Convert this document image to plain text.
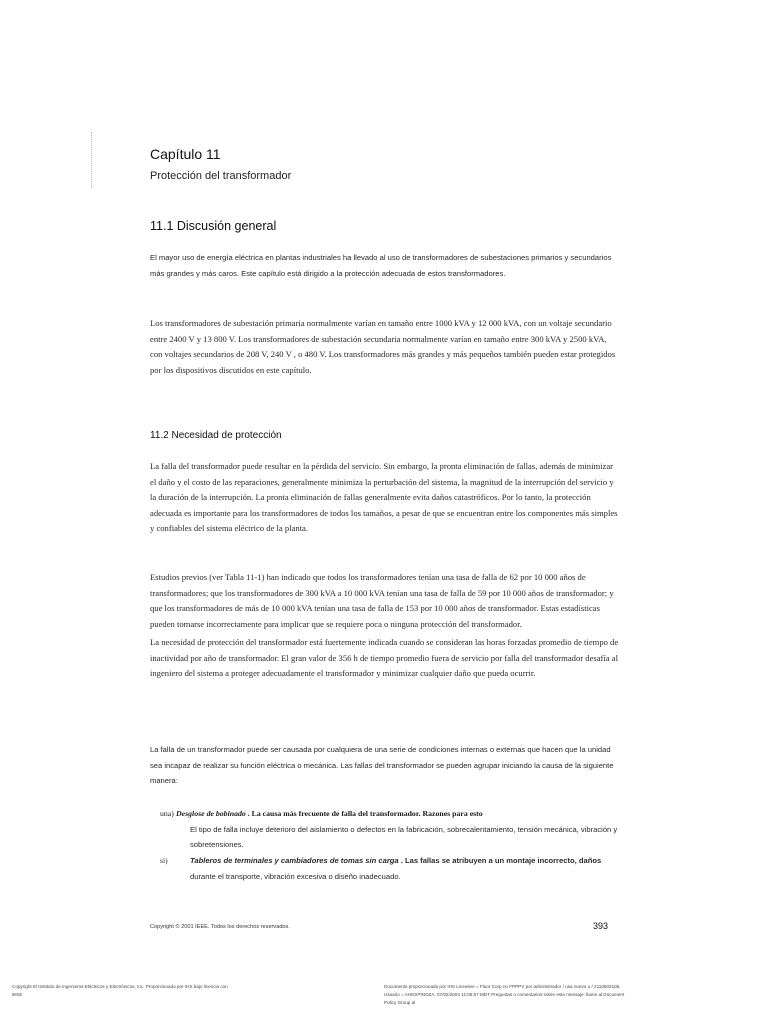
Capítulo 11
Protección del transformador
11.1 Discusión general
El mayor uso de energía eléctrica en plantas industriales ha llevado al uso de transformadores de subestaciones primarios y secundarios más grandes y más caros. Este capítulo está dirigido a la protección adecuada de estos transformadores.
Los transformadores de subestación primaria normalmente varían en tamaño entre 1000 kVA y 12 000 kVA, con un voltaje secundario entre 2400 V y 13 800 V. Los transformadores de subestación secundaria normalmente varían en tamaño entre 300 kVA y 2500 kVA, con voltajes secundarios de 208 V, 240 V , o 480 V. Los transformadores más grandes y más pequeños también pueden estar protegidos por los dispositivos discutidos en este capítulo.
11.2 Necesidad de protección
La falla del transformador puede resultar en la pérdida del servicio. Sin embargo, la pronta eliminación de fallas, además de minimizar el daño y el costo de las reparaciones, generalmente minimiza la perturbación del sistema, la magnitud de la interrupción del servicio y la duración de la interrupción. La pronta eliminación de fallas generalmente evita daños catastróficos. Por lo tanto, la protección adecuada es importante para los transformadores de todos los tamaños, a pesar de que se encuentran entre los componentes más simples y confiables del sistema eléctrico de la planta.
Estudios previos (ver Tabla 11-1) han indicado que todos los transformadores tenían una tasa de falla de 62 por 10 000 años de transformadores; que los transformadores de 300 kVA a 10 000 kVA tenían una tasa de falla de 59 por 10 000 años de transformador; y que los transformadores de más de 10 000 kVA tenían una tasa de falla de 153 por 10 000 años de transformador. Estas estadísticas pueden tomarse incorrectamente para implicar que se requiere poca o ninguna protección del transformador.
La necesidad de protección del transformador está fuertemente indicada cuando se consideran las horas forzadas promedio de tiempo de inactividad por año de transformador. El gran valor de 356 h de tiempo promedio fuera de servicio por falla del transformador desafía al ingeniero del sistema a proteger adecuadamente el transformador y minimizar cualquier daño que pueda ocurrir.
La falla de un transformador puede ser causada por cualquiera de una serie de condiciones internas o externas que hacen que la unidad sea incapaz de realizar su función eléctrica o mecánica. Las fallas del transformador se pueden agrupar iniciando la causa de la siguiente manera:
una) Desglose de bobinado . La causa más frecuente de falla del transformador. Razones para esto
El tipo de falla incluye deterioro del aislamiento o defectos en la fabricación, sobrecalentamiento, tensión mecánica, vibración y sobretensiones.
si)	Tableros de terminales y cambiadores de tomas sin carga . Las fallas se atribuyen a un montaje incorrecto, daños
durante el transporte, vibración excesiva o diseño inadecuado.
Copyright © 2001 IEEE. Todos los derechos reservados.	393
Copyright El Instituto de Ingenieros Eléctricos y Electrónicos, Inc. Proporcionado por IHS bajo licencia con IEEE
Documento proporcionado por IHS Licensee = Fluor Corp no FPPPV por administrador / usa nuevo u / 2110503106, Usuario = AHESPINOZA, 07/02/2004 11:08:57 MDT Preguntas o comentarios sobre este mensaje: llame al Document Policy Group al
